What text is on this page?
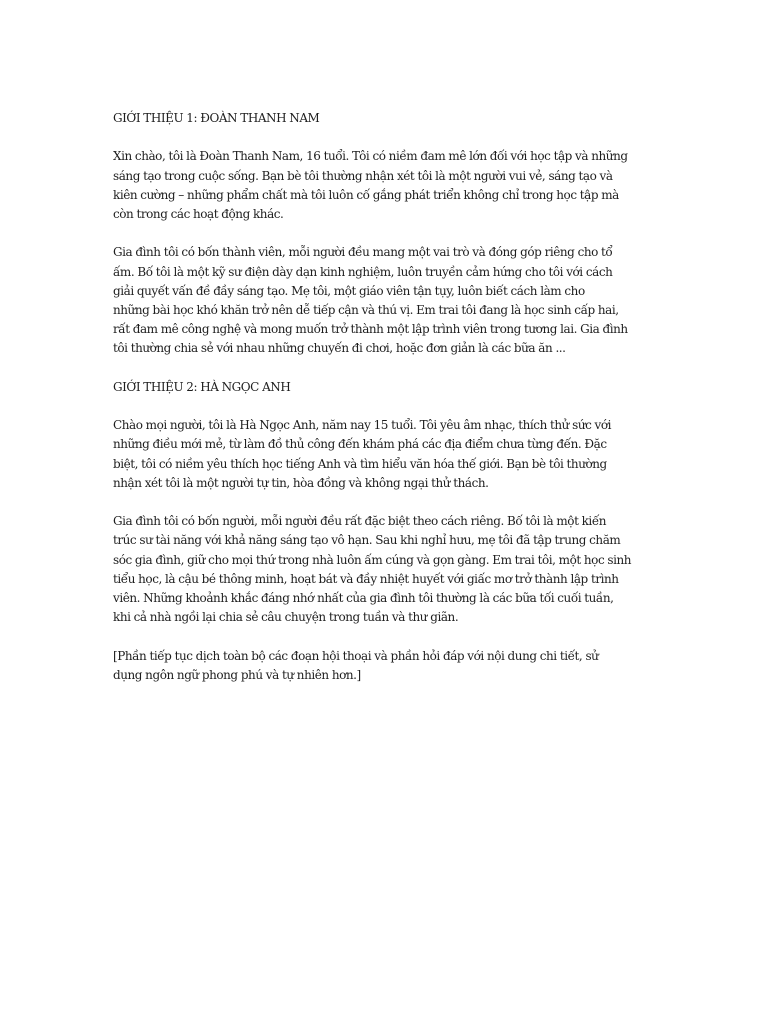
GIỚI THIỆU 1: ĐOÀN THANH NAM

Xin chào, tôi là Đoàn Thanh Nam, 16 tuổi. Tôi có niềm đam mê lớn đối với học tập và những
sáng tạo trong cuộc sống. Bạn bè tôi thường nhận xét tôi là một người vui vẻ, sáng tạo và
kiên cường – những phẩm chất mà tôi luôn cố gắng phát triển không chỉ trong học tập mà
còn trong các hoạt động khác.

Gia đình tôi có bốn thành viên, mỗi người đều mang một vai trò và đóng góp riêng cho tổ
ấm. Bố tôi là một kỹ sư điện dày dạn kinh nghiệm, luôn truyền cảm hứng cho tôi với cách
giải quyết vấn đề đầy sáng tạo. Mẹ tôi, một giáo viên tận tụy, luôn biết cách làm cho
những bài học khó khăn trở nên dễ tiếp cận và thú vị. Em trai tôi đang là học sinh cấp hai,
rất đam mê công nghệ và mong muốn trở thành một lập trình viên trong tương lai. Gia đình
tôi thường chia sẻ với nhau những chuyến đi chơi, hoặc đơn giản là các bữa ăn ...

GIỚI THIỆU 2: HÀ NGỌC ANH

Chào mọi người, tôi là Hà Ngọc Anh, năm nay 15 tuổi. Tôi yêu âm nhạc, thích thử sức với
những điều mới mẻ, từ làm đồ thủ công đến khám phá các địa điểm chưa từng đến. Đặc
biệt, tôi có niềm yêu thích học tiếng Anh và tìm hiểu văn hóa thế giới. Bạn bè tôi thường
nhận xét tôi là một người tự tin, hòa đồng và không ngại thử thách.

Gia đình tôi có bốn người, mỗi người đều rất đặc biệt theo cách riêng. Bố tôi là một kiến
trúc sư tài năng với khả năng sáng tạo vô hạn. Sau khi nghỉ hưu, mẹ tôi đã tập trung chăm
sóc gia đình, giữ cho mọi thứ trong nhà luôn ấm cúng và gọn gàng. Em trai tôi, một học sinh
tiểu học, là cậu bé thông minh, hoạt bát và đầy nhiệt huyết với giấc mơ trở thành lập trình
viên. Những khoảnh khắc đáng nhớ nhất của gia đình tôi thường là các bữa tối cuối tuần,
khi cả nhà ngồi lại chia sẻ câu chuyện trong tuần và thư giãn.

[Phần tiếp tục dịch toàn bộ các đoạn hội thoại và phần hỏi đáp với nội dung chi tiết, sử
dụng ngôn ngữ phong phú và tự nhiên hơn.]
